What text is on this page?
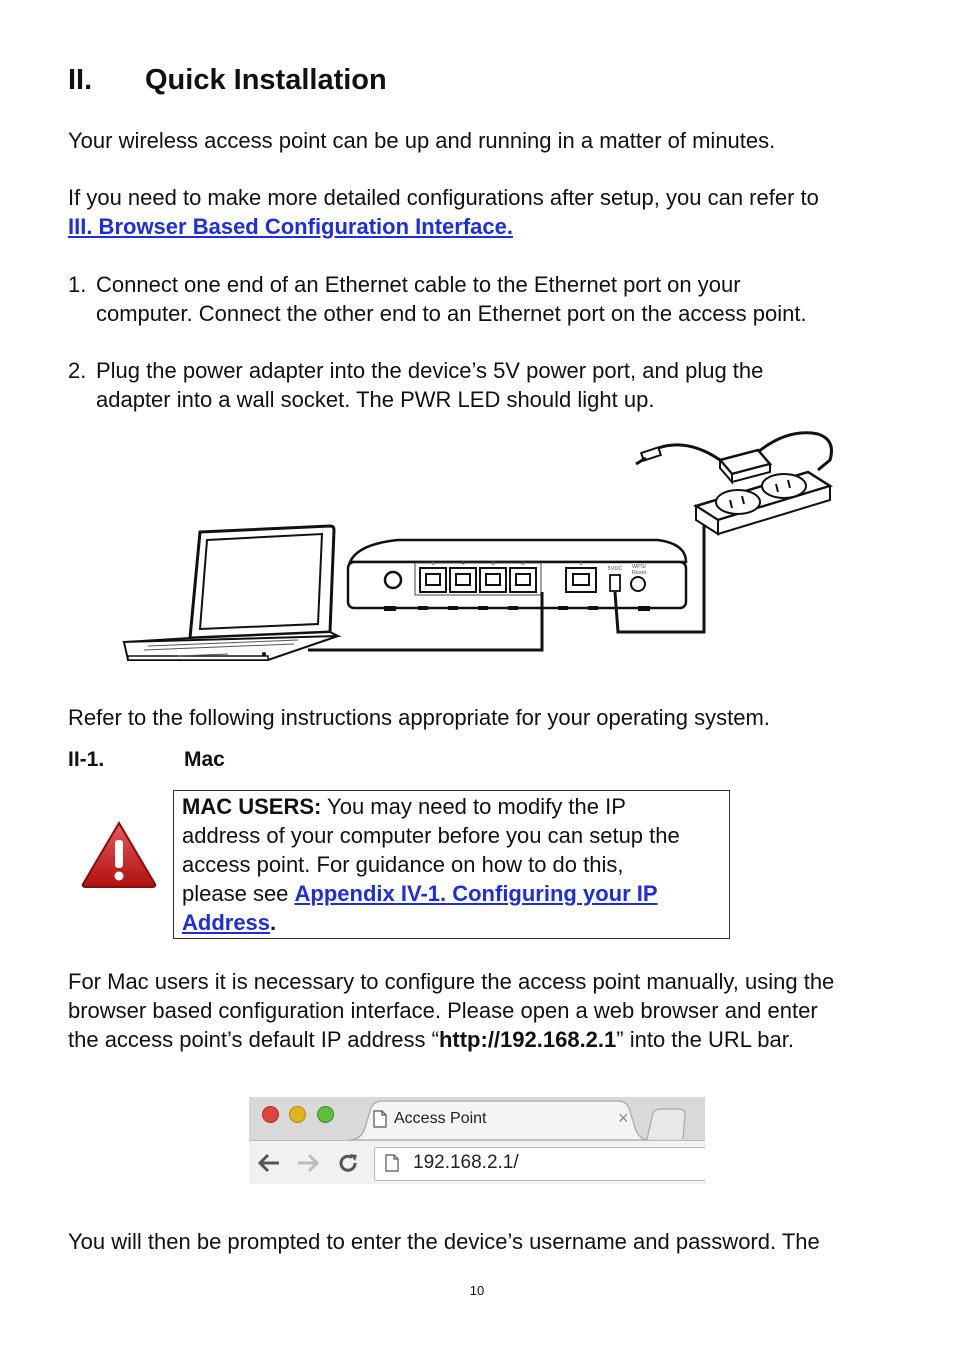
II. Quick Installation
Your wireless access point can be up and running in a matter of minutes.
If you need to make more detailed configurations after setup, you can refer to
III. Browser Based Configuration Interface.
1. Connect one end of an Ethernet cable to the Ethernet port on your
computer. Connect the other end to an Ethernet port on the access point.
2. Plug the power adapter into the device’s 5V power port, and plug the
adapter into a wall socket. The PWR LED should light up.
5	4	3	2	1
5VDC WPS/
Reset
Refer to the following instructions appropriate for your operating system.
II-1.	Mac
MAC USERS: You may need to modify the IP
address of your computer before you can setup the
access point. For guidance on how to do this,
please see Appendix IV-1. Configuring your IP
Address.
For Mac users it is necessary to configure the access point manually, using the
browser based configuration interface. Please open a web browser and enter
the access point’s default IP address “http://192.168.2.1” into the URL bar.
Access Point	×
192.168.2.1/
You will then be prompted to enter the device’s username and password. The
10
